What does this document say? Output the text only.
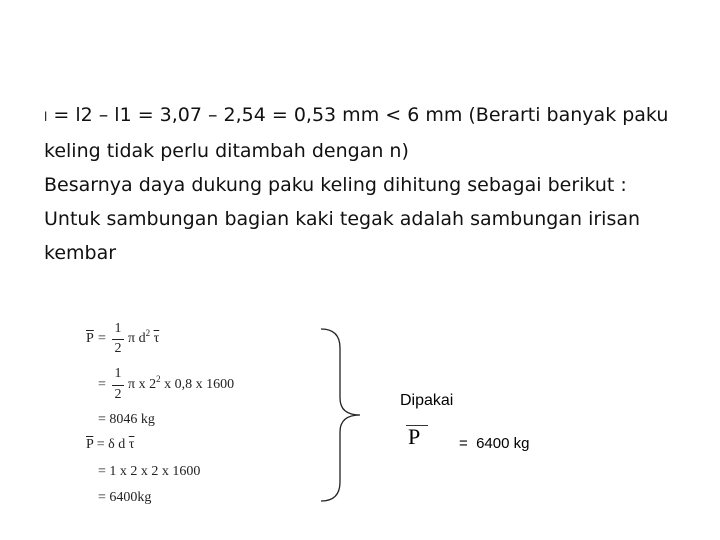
l = l2 – l1 = 3,07 – 2,54 = 0,53 mm < 6 mm (Berarti banyak paku
keling tidak perlu ditambah dengan n)
Besarnya daya dukung paku keling dihitung sebagai berikut :
Untuk sambungan bagian kaki tegak adalah sambungan irisan
kembar
$\overline{P}$ =
1
2
π $d^2$ $\overline{\tau}$
=
1
2
π x $2^2$ x 0,8 x 1600
= 8046 kg
$\overline{P} = \delta$ d $\overline{\tau}$
= 1 x 2 x 2 x 1600
= 6400kg
Dipakai
P	=  6400 kg
